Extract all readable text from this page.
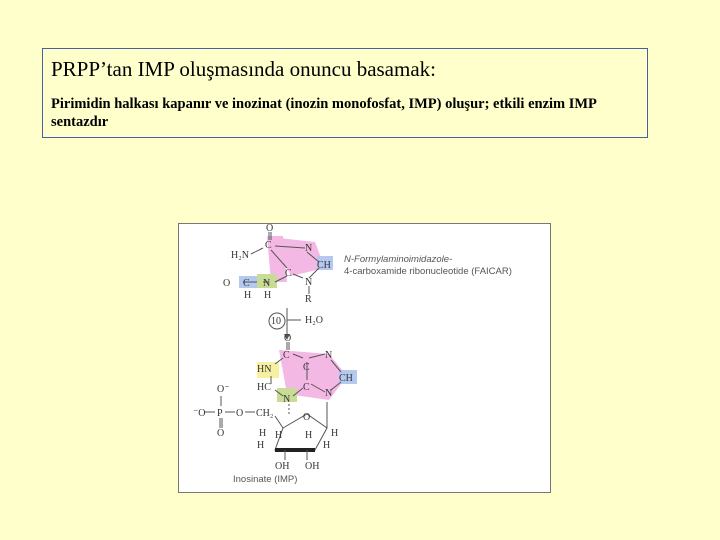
PRPP’tan IMP oluşmasında onuncu basamak:

Pirimidin halkası kapanır ve inozinat (inozin monofosfat, IMP) oluşur; etkili enzim IMP sentazdır

O
C
H₂N
N
CH
C
N
O C N
H H	R
N-Formylaminoimidazole-
4-carboxamide ribonucleotide (FAICAR)
10 H₂O
O
C
HN	C
N
CH
HC	C
N
N
O⁻
⁻O P O CH₂
O
O
H	H
H H
H	H
OH OH
Inosinate (IMP)
